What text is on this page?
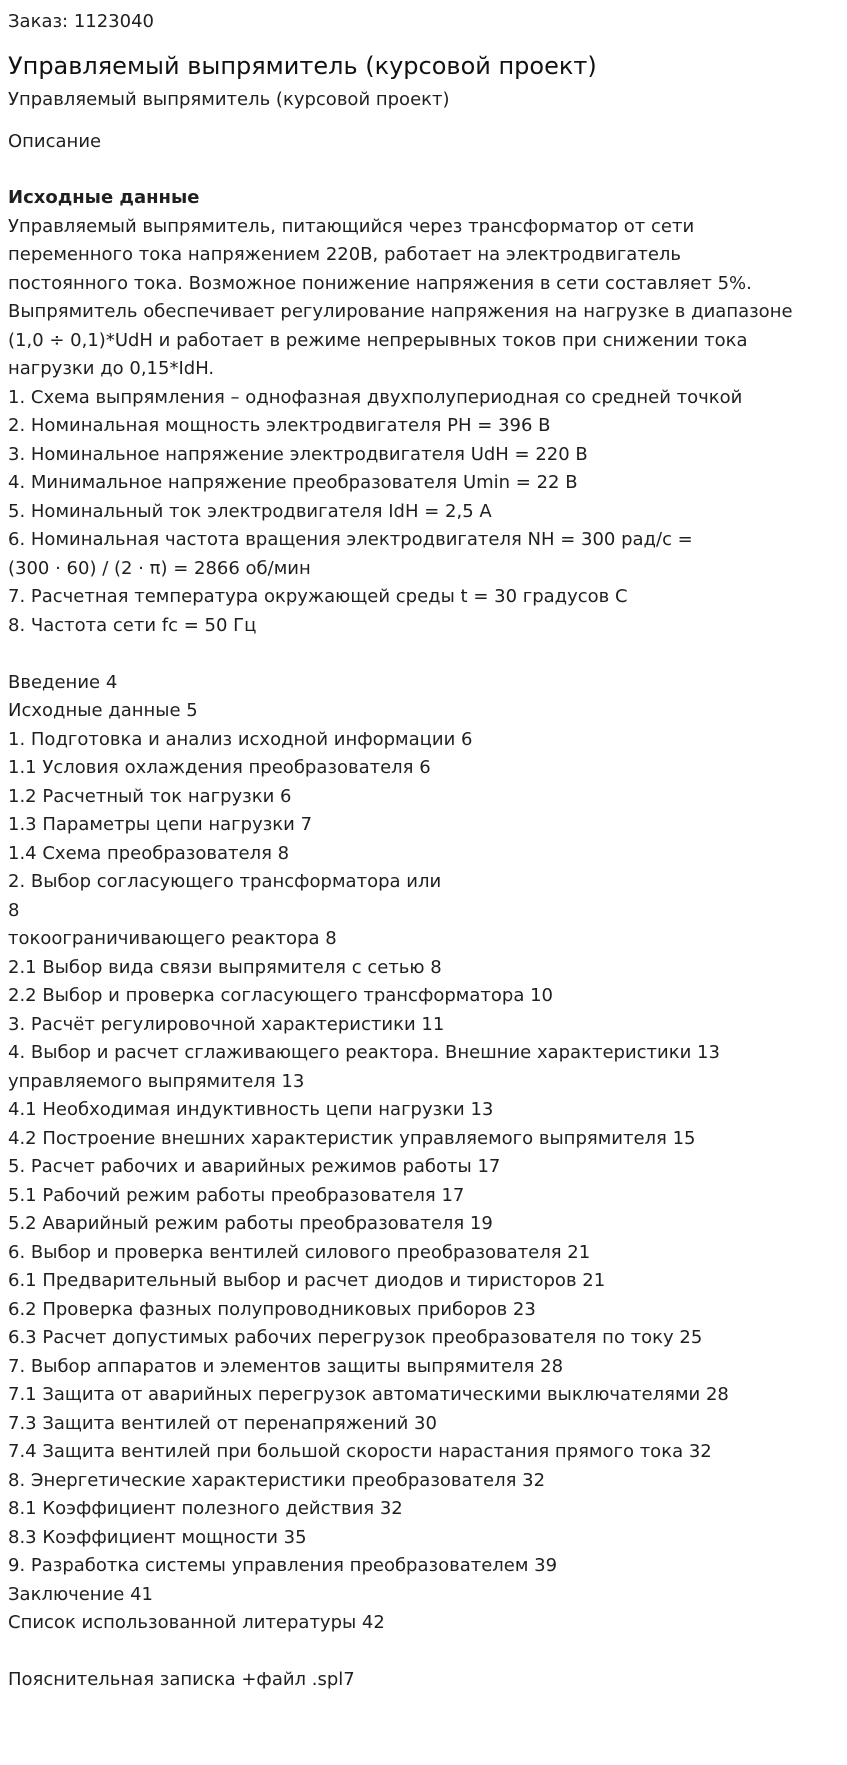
Заказ: 1123040
Управляемый выпрямитель (курсовой проект)
Управляемый выпрямитель (курсовой проект)
Описание
Исходные данные
Управляемый выпрямитель, питающийся через трансформатор от сети
переменного тока напряжением 220В, работает на электродвигатель
постоянного тока. Возможное понижение напряжения в сети составляет 5%.
Выпрямитель обеспечивает регулирование напряжения на нагрузке в диапазоне
(1,0 ÷ 0,1)*UdH и работает в режиме непрерывных токов при снижении тока
нагрузки до 0,15*IdH.
1. Схема выпрямления – однофазная двухполупериодная со средней точкой
2. Номинальная мощность электродвигателя PH = 396 В
3. Номинальное напряжение электродвигателя UdH = 220 В
4. Минимальное напряжение преобразователя Umin = 22 В
5. Номинальный ток электродвигателя IdH = 2,5 А
6. Номинальная частота вращения электродвигателя NH = 300 рад/с =
(300 · 60) / (2 · π) = 2866 об/мин
7. Расчетная температура окружающей среды t = 30 градусов С
8. Частота сети fc = 50 Гц
Введение 4
Исходные данные 5
1. Подготовка и анализ исходной информации 6
1.1 Условия охлаждения преобразователя 6
1.2 Расчетный ток нагрузки 6
1.3 Параметры цепи нагрузки 7
1.4 Схема преобразователя 8
2. Выбор согласующего трансформатора или
8
токоограничивающего реактора 8
2.1 Выбор вида связи выпрямителя с сетью 8
2.2 Выбор и проверка согласующего трансформатора 10
3. Расчёт регулировочной характеристики 11
4. Выбор и расчет сглаживающего реактора. Внешние характеристики 13
управляемого выпрямителя 13
4.1 Необходимая индуктивность цепи нагрузки 13
4.2 Построение внешних характеристик управляемого выпрямителя 15
5. Расчет рабочих и аварийных режимов работы 17
5.1 Рабочий режим работы преобразователя 17
5.2 Аварийный режим работы преобразователя 19
6. Выбор и проверка вентилей силового преобразователя 21
6.1 Предварительный выбор и расчет диодов и тиристоров 21
6.2 Проверка фазных полупроводниковых приборов 23
6.3 Расчет допустимых рабочих перегрузок преобразователя по току 25
7. Выбор аппаратов и элементов защиты выпрямителя 28
7.1 Защита от аварийных перегрузок автоматическими выключателями 28
7.3 Защита вентилей от перенапряжений 30
7.4 Защита вентилей при большой скорости нарастания прямого тока 32
8. Энергетические характеристики преобразователя 32
8.1 Коэффициент полезного действия 32
8.3 Коэффициент мощности 35
9. Разработка системы управления преобразователем 39
Заключение 41
Список использованной литературы 42
Пояснительная записка +файл .spl7
